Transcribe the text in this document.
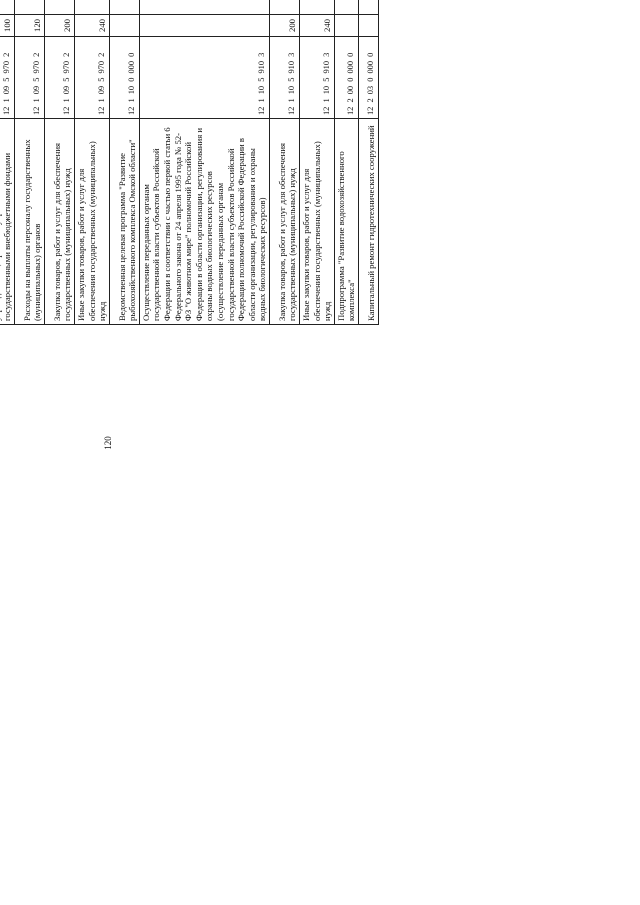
120

государственными внебюджетными фондами		12 1 09 5 970 2	100						
Расходы на выплаты персоналу государственных (муниципальных) органов		12 1 09 5 970 2	120						
Закупка товаров, работ и услуг для обеспечения государственных (муниципальных) нужд		12 1 09 5 970 2	200						
Иные закупки товаров, работ и услуг для обеспечения государственных (муниципальных) нужд		12 1 09 5 970 2	240						
Ведомственная целевая программа "Развитие рыбохозяйственного комплекса Омской области"		12 1 10 0 000 0							
Осуществление переданных органам государственной власти субъектов Российской Федерации в соответствии с частью первой статьи 6 Федерального закона от 24 апреля 1995 года № 52-ФЗ "О животном мире" полномочий Российской Федерации в области организации, регулирования и охраны водных биологических ресурсов (осуществление переданных органам государственной власти субъектов Российской Федерации полномочий Российской Федерации в области организации, регулирования и охраны водных биологических ресурсов)		12 1 10 5 910 3							
Закупка товаров, работ и услуг для обеспечения государственных (муниципальных) нужд		12 1 10 5 910 3	200						
Иные закупки товаров, работ и услуг для обеспечения государственных (муниципальных) нужд		12 1 10 5 910 3	240						
Подпрограмма "Развитие водохозяйственного комплекса"		12 2 00 0 000 0							
Капитальный ремонт гидротехнических сооружений		12 2 03 0 000 0							
